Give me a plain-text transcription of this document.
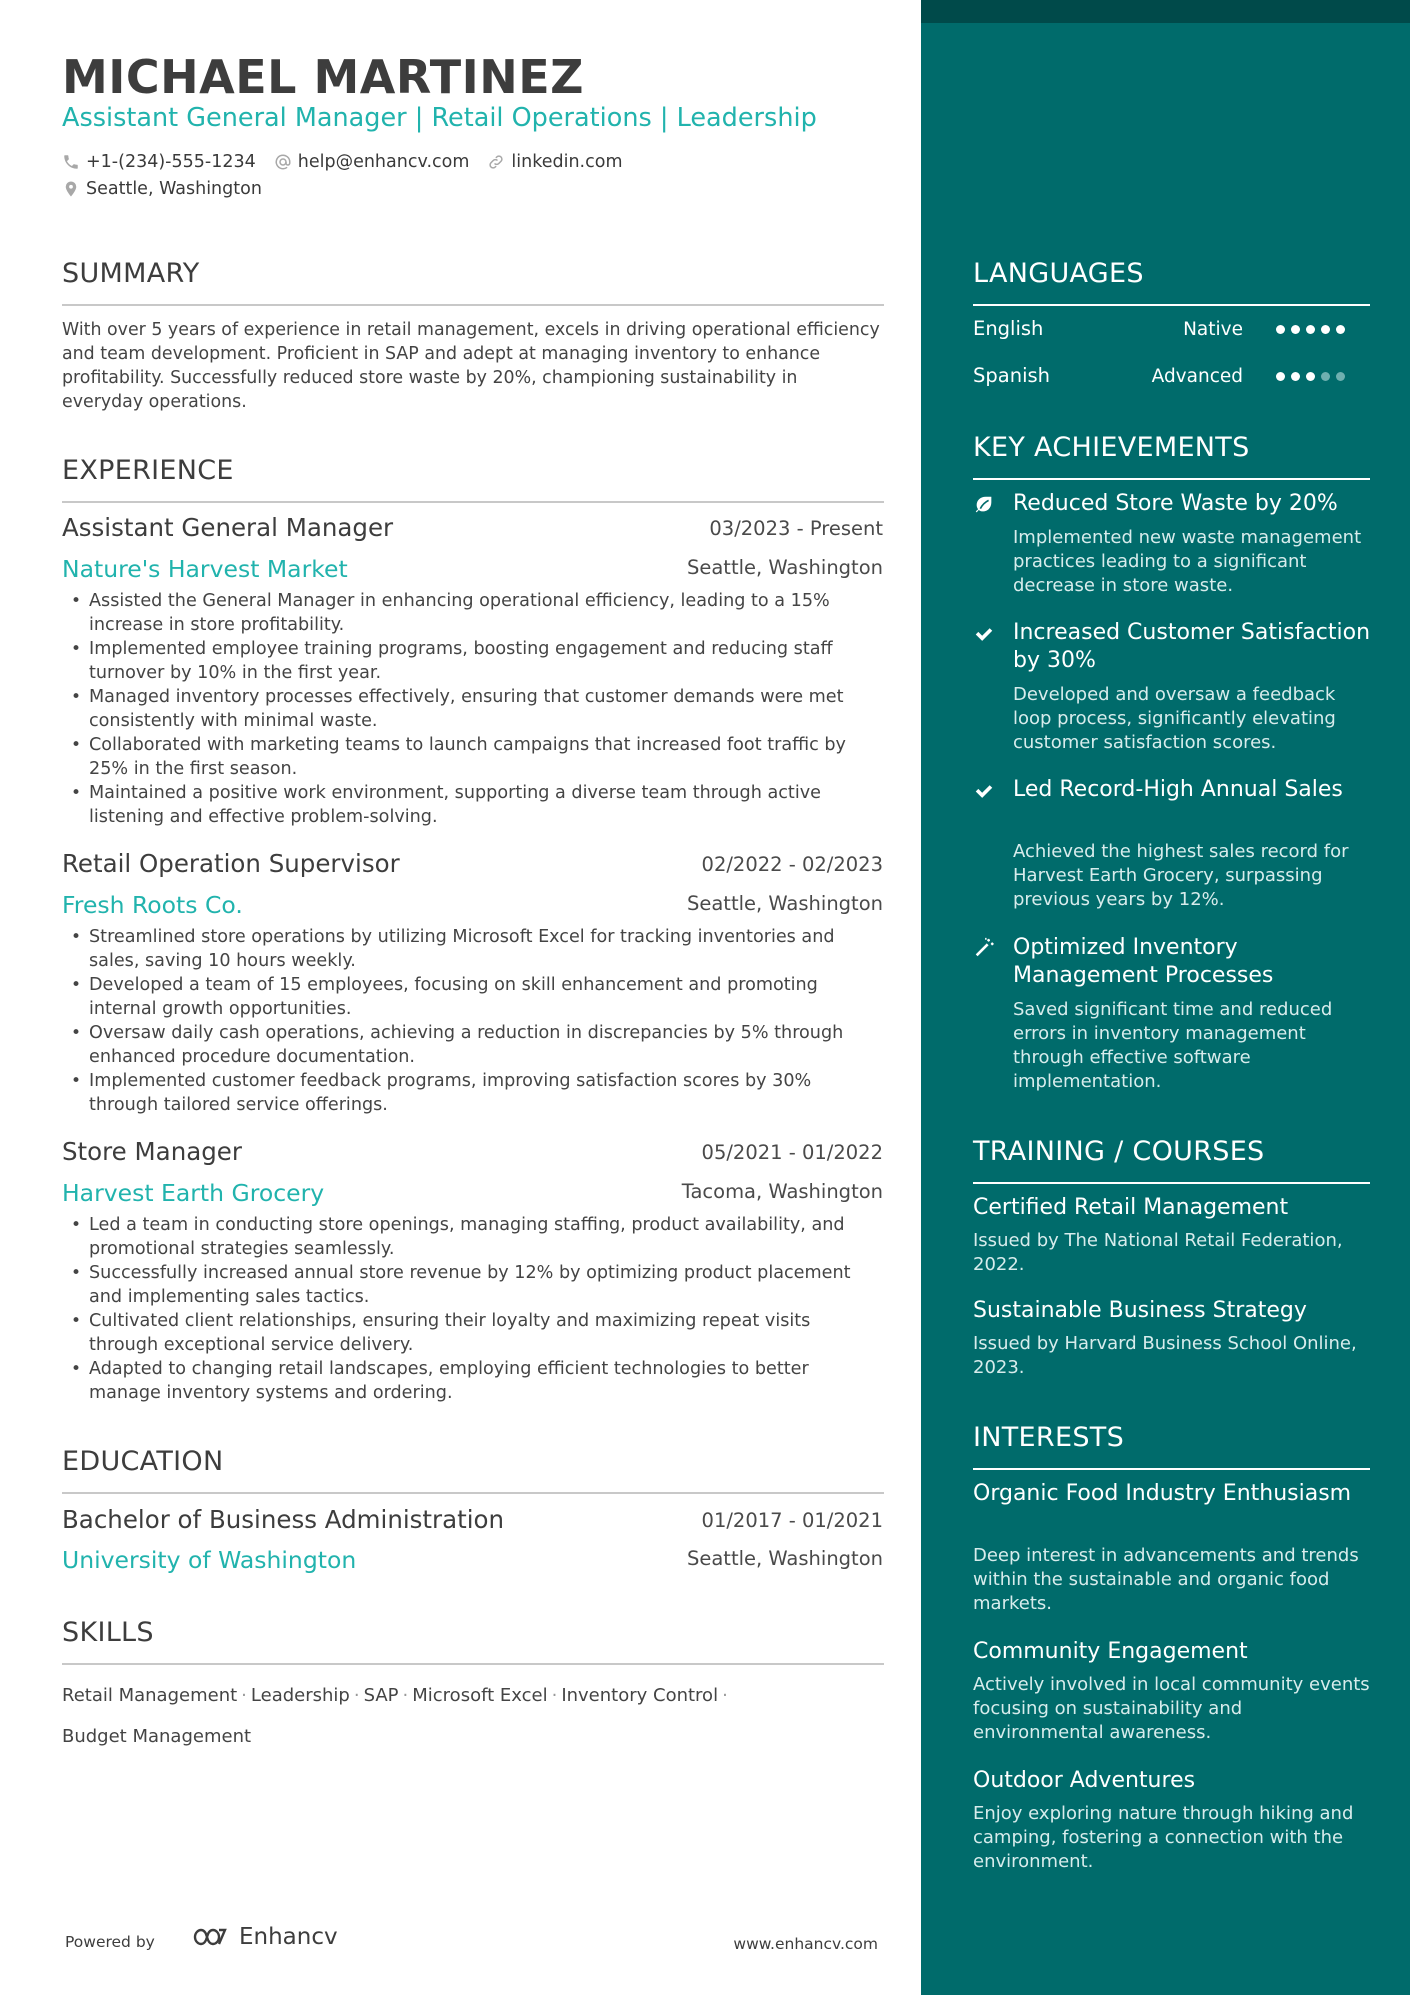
MICHAEL MARTINEZ
Assistant General Manager | Retail Operations | Leadership
+1-(234)-555-1234 help@enhancv.com linkedin.com
Seattle, Washington
SUMMARY
With over 5 years of experience in retail management, excels in driving operational efficiency and team development. Proficient in SAP and adept at managing inventory to enhance profitability. Successfully reduced store waste by 20%, championing sustainability in everyday operations.
EXPERIENCE
Assistant General Manager	03/2023 - Present
Nature's Harvest Market	Seattle, Washington
• Assisted the General Manager in enhancing operational efficiency, leading to a 15% increase in store profitability.
• Implemented employee training programs, boosting engagement and reducing staff turnover by 10% in the first year.
• Managed inventory processes effectively, ensuring that customer demands were met consistently with minimal waste.
• Collaborated with marketing teams to launch campaigns that increased foot traffic by 25% in the first season.
• Maintained a positive work environment, supporting a diverse team through active listening and effective problem-solving.
Retail Operation Supervisor	02/2022 - 02/2023
Fresh Roots Co.	Seattle, Washington
• Streamlined store operations by utilizing Microsoft Excel for tracking inventories and sales, saving 10 hours weekly.
• Developed a team of 15 employees, focusing on skill enhancement and promoting internal growth opportunities.
• Oversaw daily cash operations, achieving a reduction in discrepancies by 5% through enhanced procedure documentation.
• Implemented customer feedback programs, improving satisfaction scores by 30% through tailored service offerings.
Store Manager	05/2021 - 01/2022
Harvest Earth Grocery	Tacoma, Washington
• Led a team in conducting store openings, managing staffing, product availability, and promotional strategies seamlessly.
• Successfully increased annual store revenue by 12% by optimizing product placement and implementing sales tactics.
• Cultivated client relationships, ensuring their loyalty and maximizing repeat visits through exceptional service delivery.
• Adapted to changing retail landscapes, employing efficient technologies to better manage inventory systems and ordering.
EDUCATION
Bachelor of Business Administration	01/2017 - 01/2021
University of Washington	Seattle, Washington
SKILLS
Retail Management · Leadership · SAP · Microsoft Excel · Inventory Control ·
Budget Management
Powered by	Enhancv	www.enhancv.com
LANGUAGES
English	Native
Spanish	Advanced
KEY ACHIEVEMENTS
Reduced Store Waste by 20%
Implemented new waste management practices leading to a significant decrease in store waste.
Increased Customer Satisfaction by 30%
Developed and oversaw a feedback loop process, significantly elevating customer satisfaction scores.
Led Record-High Annual Sales
Achieved the highest sales record for Harvest Earth Grocery, surpassing previous years by 12%.
Optimized Inventory Management Processes
Saved significant time and reduced errors in inventory management through effective software implementation.
TRAINING / COURSES
Certified Retail Management
Issued by The National Retail Federation, 2022.
Sustainable Business Strategy
Issued by Harvard Business School Online, 2023.
INTERESTS
Organic Food Industry Enthusiasm
Deep interest in advancements and trends within the sustainable and organic food markets.
Community Engagement
Actively involved in local community events focusing on sustainability and environmental awareness.
Outdoor Adventures
Enjoy exploring nature through hiking and camping, fostering a connection with the environment.
